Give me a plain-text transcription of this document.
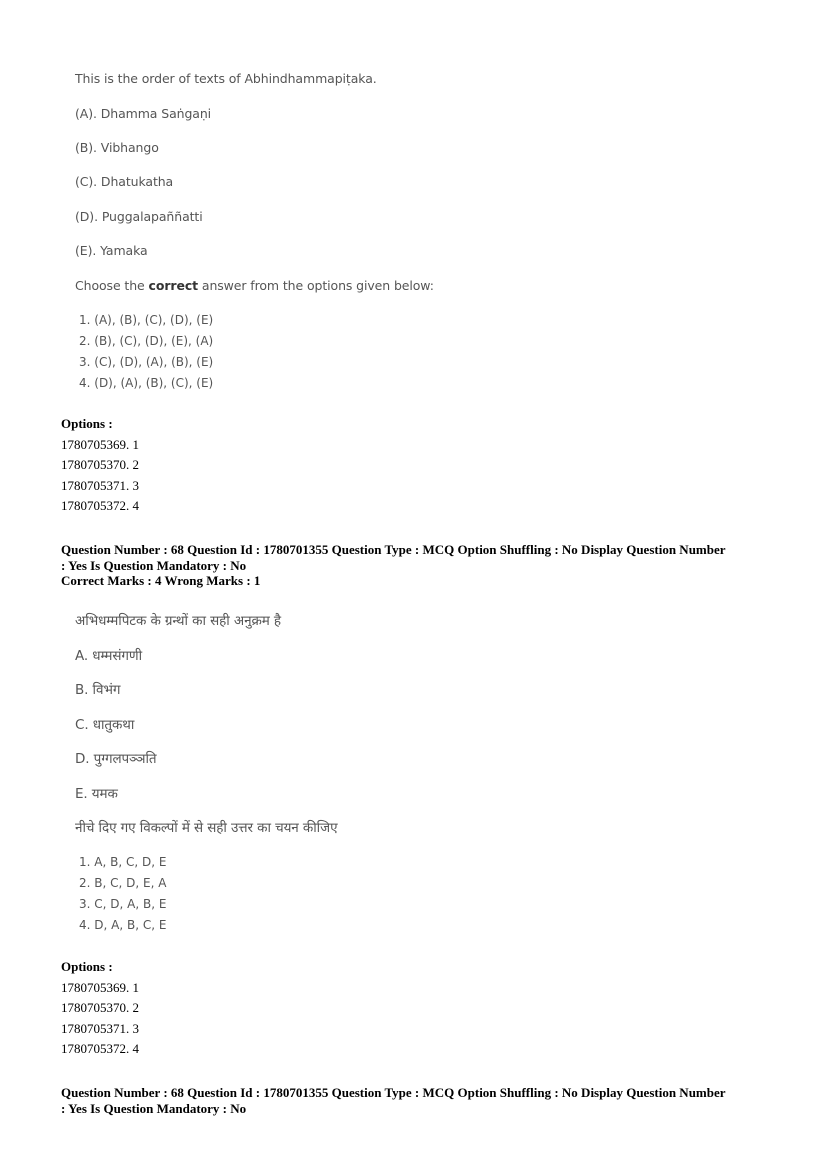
This is the order of texts of Abhindhammapiṭaka.
(A). Dhamma Saṅgaṇi
(B). Vibhango
(C). Dhatukatha
(D). Puggalapaññatti
(E). Yamaka
Choose the correct answer from the options given below:
1. (A), (B), (C), (D), (E)
2. (B), (C), (D), (E), (A)
3. (C), (D), (A), (B), (E)
4. (D), (A), (B), (C), (E)
Options :
1780705369. 1
1780705370. 2
1780705371. 3
1780705372. 4
Question Number : 68 Question Id : 1780701355 Question Type : MCQ Option Shuffling : No Display Question Number
: Yes Is Question Mandatory : No
Correct Marks : 4 Wrong Marks : 1
अभिधम्मपिटक के ग्रन्थों का सही अनुक्रम है
A. धम्मसंगणी
B. विभंग
C. धातुकथा
D. पुग्गलपञ्ञति
E. यमक
नीचे दिए गए विकल्पों में से सही उत्तर का चयन कीजिए
1. A, B, C, D, E
2. B, C, D, E, A
3. C, D, A, B, E
4. D, A, B, C, E
Options :
1780705369. 1
1780705370. 2
1780705371. 3
1780705372. 4
Question Number : 68 Question Id : 1780701355 Question Type : MCQ Option Shuffling : No Display Question Number
: Yes Is Question Mandatory : No
